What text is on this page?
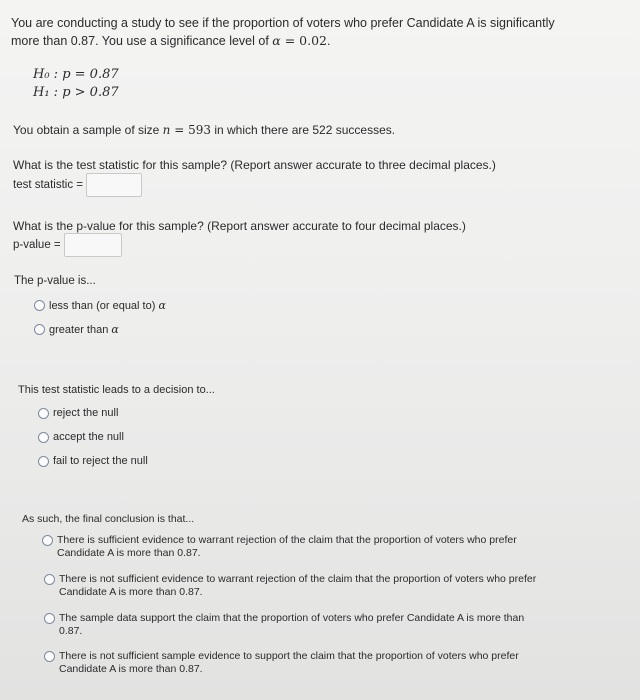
You are conducting a study to see if the proportion of voters who prefer Candidate A is significantly
more than 0.87. You use a significance level of α = 0.02.
H₀ : p = 0.87
H₁ : p > 0.87
You obtain a sample of size n = 593 in which there are 522 successes.
What is the test statistic for this sample? (Report answer accurate to three decimal places.)
test statistic =
What is the p-value for this sample? (Report answer accurate to four decimal places.)
p-value =
The p-value is...
less than (or equal to) α
greater than α
This test statistic leads to a decision to...
reject the null
accept the null
fail to reject the null
As such, the final conclusion is that...
There is sufficient evidence to warrant rejection of the claim that the proportion of voters who prefer Candidate A is more than 0.87.
There is not sufficient evidence to warrant rejection of the claim that the proportion of voters who prefer Candidate A is more than 0.87.
The sample data support the claim that the proportion of voters who prefer Candidate A is more than 0.87.
There is not sufficient sample evidence to support the claim that the proportion of voters who prefer Candidate A is more than 0.87.
